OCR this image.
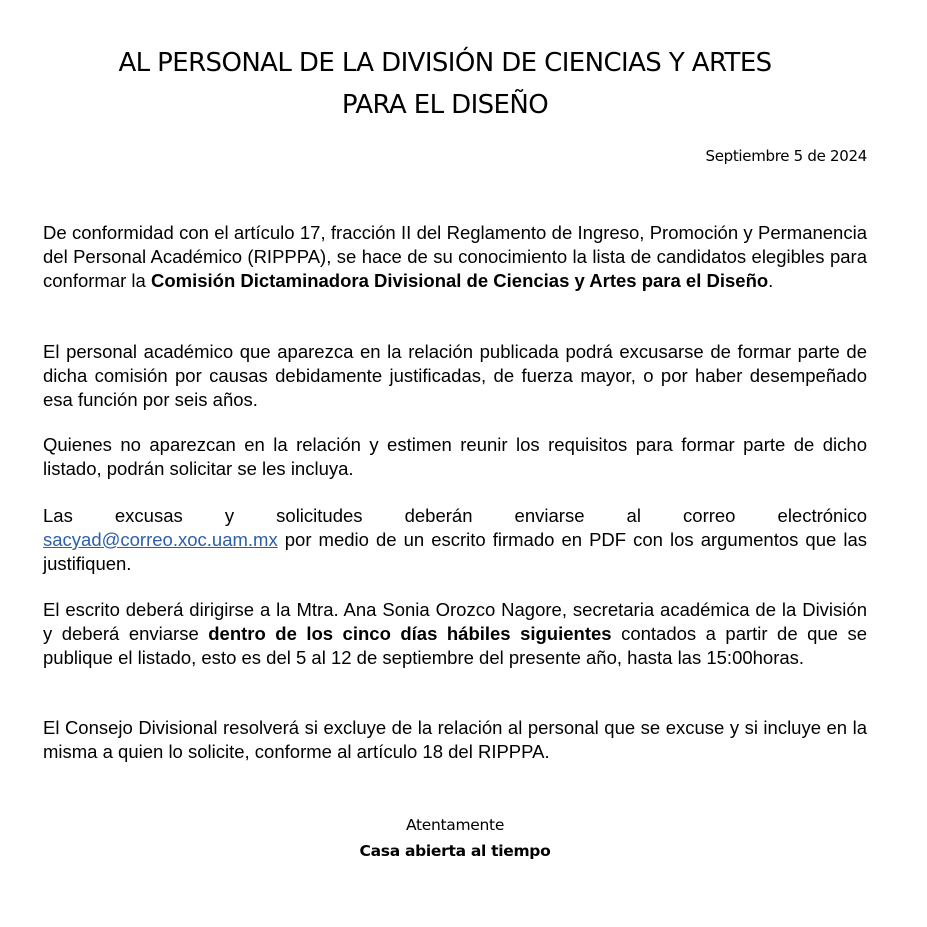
AL PERSONAL DE LA DIVISIÓN DE CIENCIAS Y ARTES
PARA EL DISEÑO
Septiembre 5 de 2024

De conformidad con el artículo 17, fracción II del Reglamento de Ingreso, Promoción y Permanencia del Personal Académico (RIPPPA), se hace de su conocimiento la lista de candidatos elegibles para conformar la Comisión Dictaminadora Divisional de Ciencias y Artes para el Diseño.

El personal académico que aparezca en la relación publicada podrá excusarse de formar parte de dicha comisión por causas debidamente justificadas, de fuerza mayor, o por haber desempeñado esa función por seis años.

Quienes no aparezcan en la relación y estimen reunir los requisitos para formar parte de dicho listado, podrán solicitar se les incluya.

Las excusas y solicitudes deberán enviarse al correo electrónico
sacyad@correo.xoc.uam.mx por medio de un escrito firmado en PDF con los argumentos que las justifiquen.

El escrito deberá dirigirse a la Mtra. Ana Sonia Orozco Nagore, secretaria académica de la División y deberá enviarse dentro de los cinco días hábiles siguientes contados a partir de que se publique el listado, esto es del 5 al 12 de septiembre del presente año, hasta las 15:00horas.

El Consejo Divisional resolverá si excluye de la relación al personal que se excuse y si incluye en la misma a quien lo solicite, conforme al artículo 18 del RIPPPA.

Atentamente
Casa abierta al tiempo
